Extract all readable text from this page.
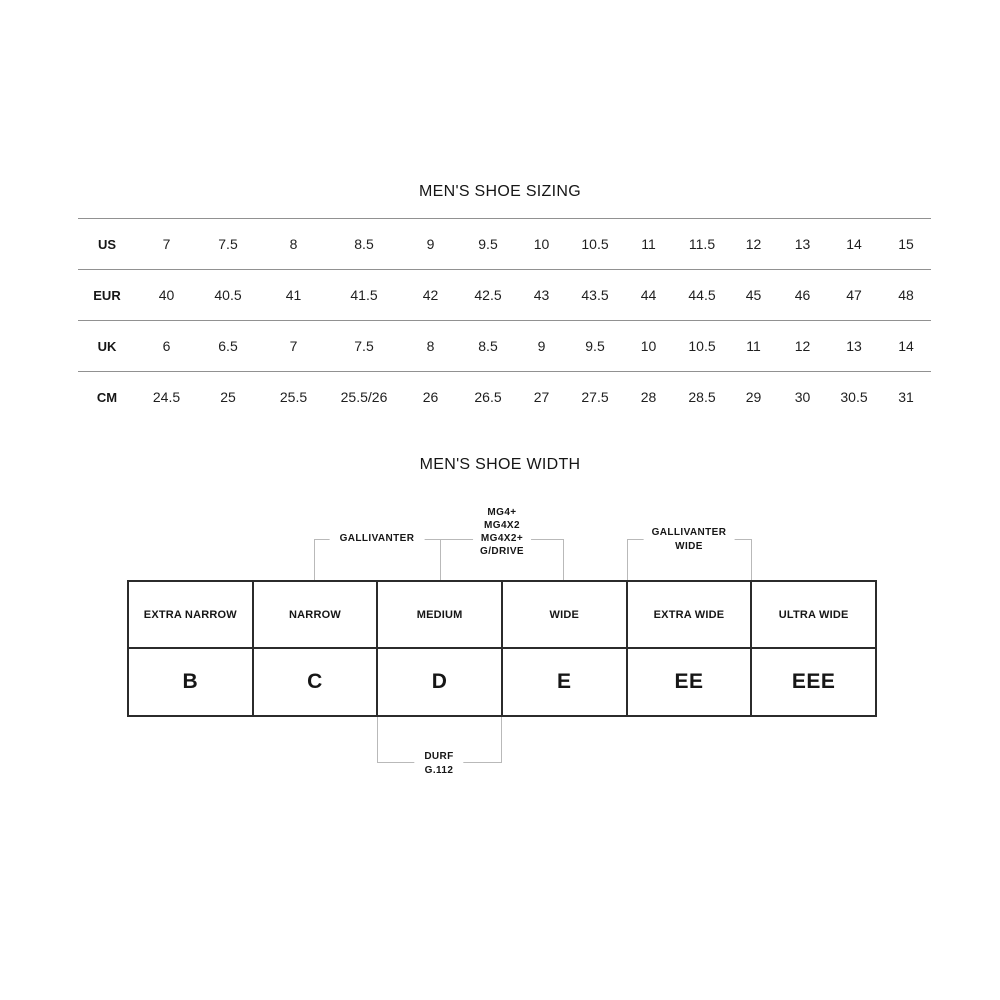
MEN'S SHOE SIZING
US	7	7.5	8	8.5	9	9.5	10	10.5	11	11.5	12	13	14	15
EUR	40	40.5	41	41.5	42	42.5	43	43.5	44	44.5	45	46	47	48
UK	6	6.5	7	7.5	8	8.5	9	9.5	10	10.5	11	12	13	14
CM	24.5	25	25.5	25.5/26	26	26.5	27	27.5	28	28.5	29	30	30.5	31
MEN'S SHOE WIDTH
GALLIVANTER
MG4+
MG4X2
MG4X2+
G/DRIVE
GALLIVANTER
WIDE
DURF
G.112
EXTRA NARROW	NARROW	MEDIUM	WIDE	EXTRA WIDE	ULTRA WIDE
B	C	D	E	EE	EEE
